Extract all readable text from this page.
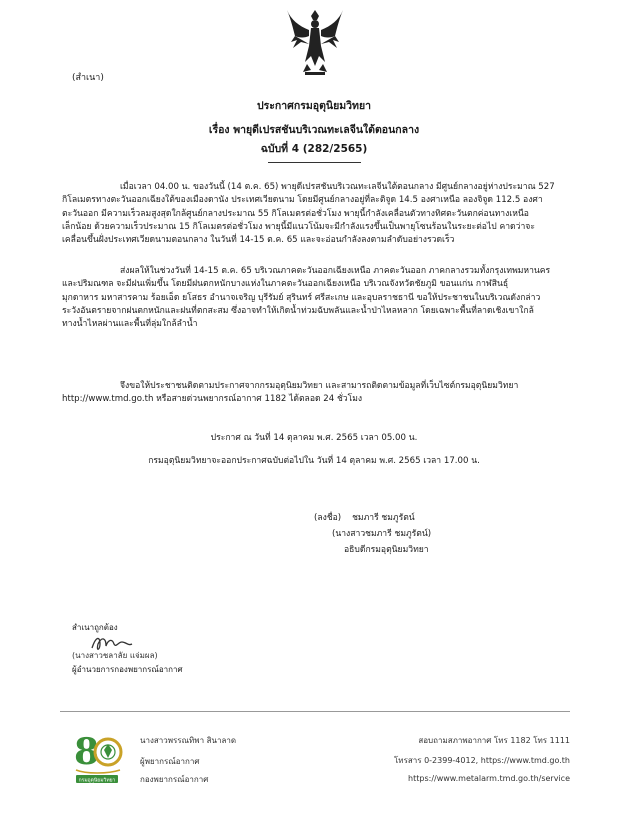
(สำเนา)
ประกาศกรมอุตุนิยมวิทยา
เรื่อง พายุดีเปรสชันบริเวณทะเลจีนใต้ตอนกลาง
ฉบับที่ 4 (282/2565)

เมื่อเวลา 04.00 น. ของวันนี้ (14 ต.ค. 65) พายุดีเปรสชันบริเวณทะเลจีนใต้ตอนกลาง มีศูนย์กลางอยู่ห่างประมาณ 527

กิโลเมตรทางตะวันออกเฉียงใต้ของเมืองดานัง ประเทศเวียดนาม โดยมีศูนย์กลางอยู่ที่ละติจูด 14.5 องศาเหนือ ลองจิจูด 112.5 องศา

ตะวันออก มีความเร็วลมสูงสุดใกล้ศูนย์กลางประมาณ 55 กิโลเมตรต่อชั่วโมง พายุนี้กำลังเคลื่อนตัวทางทิศตะวันตกค่อนทางเหนือ

เล็กน้อย ด้วยความเร็วประมาณ 15 กิโลเมตรต่อชั่วโมง พายุนี้มีแนวโน้มจะมีกำลังแรงขึ้นเป็นพายุโซนร้อนในระยะต่อไป คาดว่าจะ

เคลื่อนขึ้นฝั่งประเทศเวียดนามตอนกลาง ในวันที่ 14-15 ต.ค. 65 และจะอ่อนกำลังลงตามลำดับอย่างรวดเร็ว

ส่งผลให้ในช่วงวันที่ 14-15 ต.ค. 65 บริเวณภาคตะวันออกเฉียงเหนือ ภาคตะวันออก ภาคกลางรวมทั้งกรุงเทพมหานคร

และปริมณฑล จะมีฝนเพิ่มขึ้น โดยมีฝนตกหนักบางแห่งในภาคตะวันออกเฉียงเหนือ บริเวณจังหวัดชัยภูมิ ขอนแก่น กาฬสินธุ์

มุกดาหาร มหาสารคาม ร้อยเอ็ด ยโสธร อำนาจเจริญ บุรีรัมย์ สุรินทร์ ศรีสะเกษ และอุบลราชธานี ขอให้ประชาชนในบริเวณดังกล่าว

ระวังอันตรายจากฝนตกหนักและฝนที่ตกสะสม ซึ่งอาจทำให้เกิดน้ำท่วมฉับพลันและน้ำป่าไหลหลาก โดยเฉพาะพื้นที่ลาดเชิงเขาใกล้

ทางน้ำไหลผ่านและพื้นที่ลุ่มใกล้ลำน้ำ

จึงขอให้ประชาชนติดตามประกาศจากกรมอุตุนิยมวิทยา และสามารถติดตามข้อมูลที่เว็บไซต์กรมอุตุนิยมวิทยา

http://www.tmd.go.th หรือสายด่วนพยากรณ์อากาศ 1182 ได้ตลอด 24 ชั่วโมง

ประกาศ ณ วันที่ 14 ตุลาคม พ.ศ. 2565 เวลา 05.00 น.
กรมอุตุนิยมวิทยาจะออกประกาศฉบับต่อไปใน วันที่ 14 ตุลาคม พ.ศ. 2565 เวลา 17.00 น.
(ลงชื่อ)    ชมภารี ชมภูรัตน์
(นางสาวชมภารี ชมภูรัตน์)
อธิบดีกรมอุตุนิยมวิทยา
สำเนาถูกต้อง
(นางสาวชลาลัย แจ่มผล)
ผู้อำนวยการกองพยากรณ์อากาศ
8
กรมอุตุนิยมวิทยา
นางสาวพรรณทิพา สินาลาด
ผู้พยากรณ์อากาศ
กองพยากรณ์อากาศ
สอบถามสภาพอากาศ โทร 1182 โทร 1111
โทรสาร 0-2399-4012, https://www.tmd.go.th
https://www.metalarm.tmd.go.th/service
